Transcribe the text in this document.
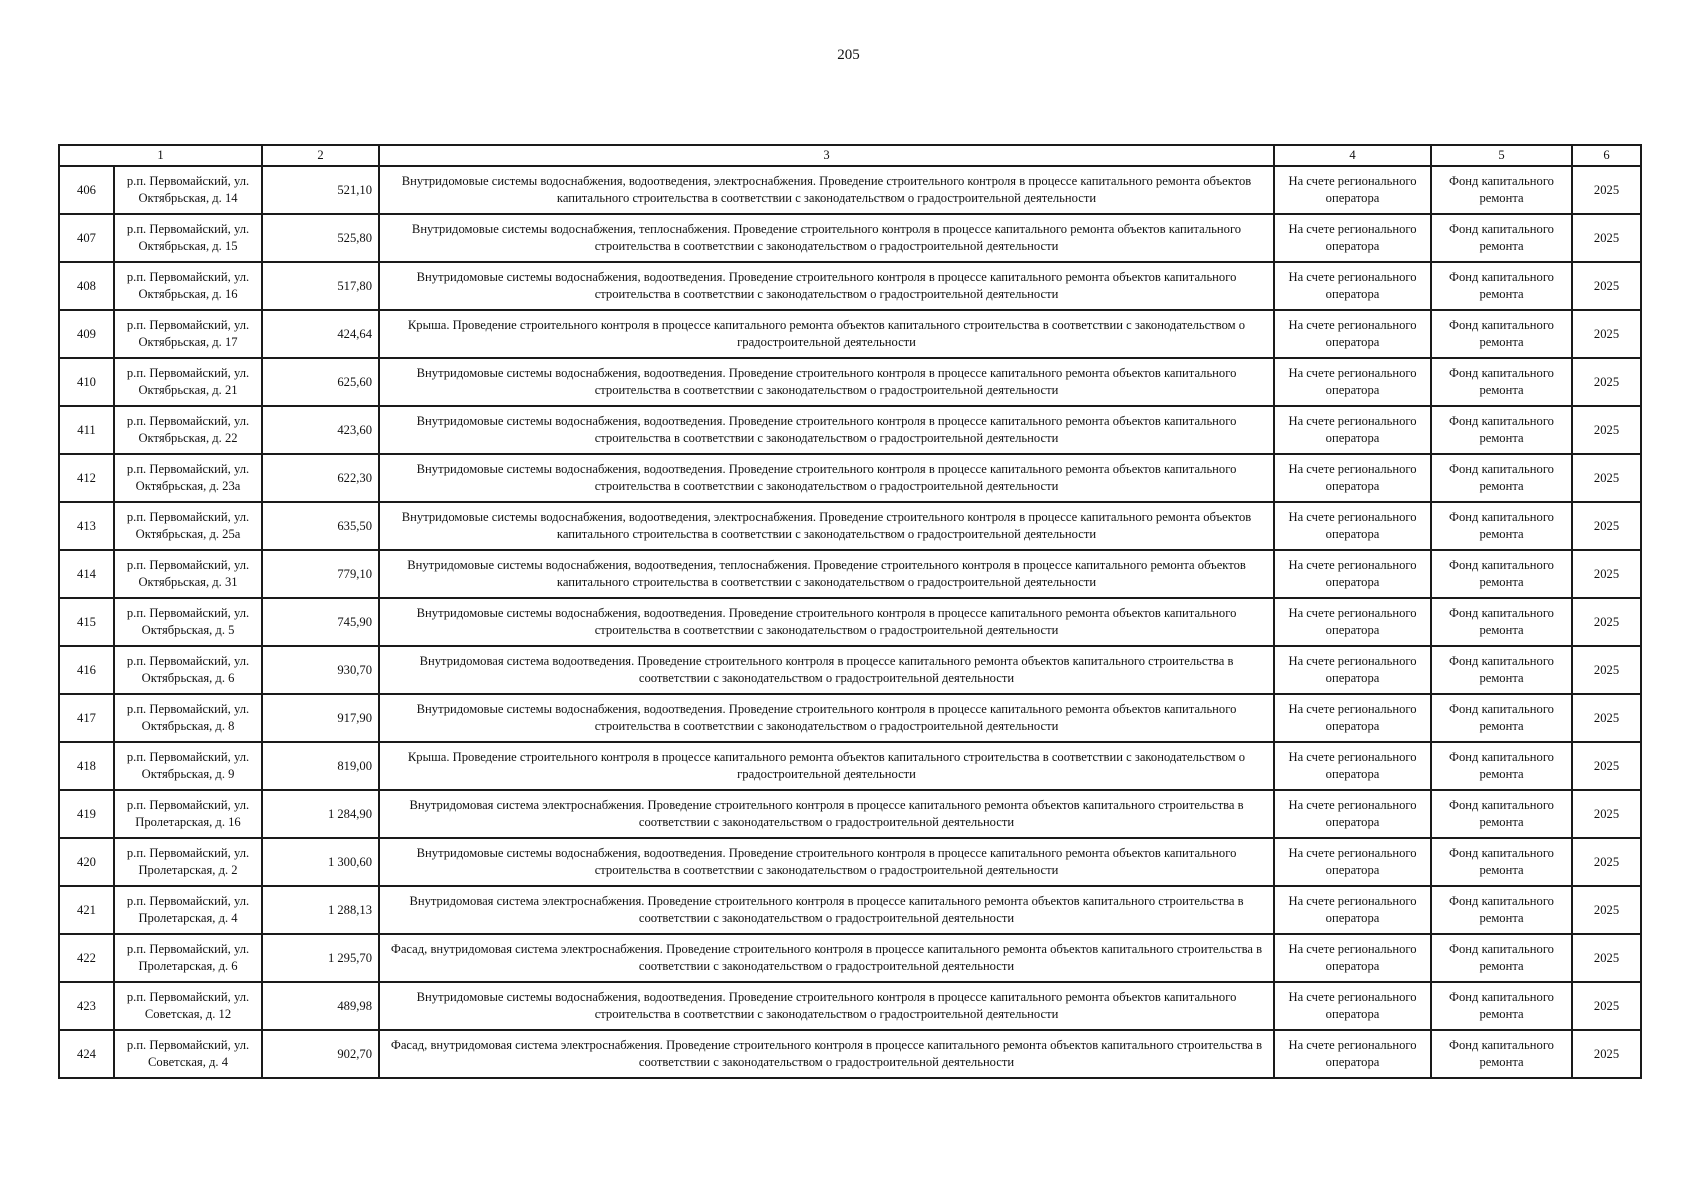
205
1		2	3	4	5	6
406	р.п. Первомайский, ул. Октябрьская, д. 14	521,10	Внутридомовые системы водоснабжения, водоотведения, электроснабжения. Проведение строительного контроля в процессе капитального ремонта объектов капитального строительства в соответствии с законодательством о градостроительной деятельности	На счете регионального оператора	Фонд капитального ремонта	2025
407	р.п. Первомайский, ул. Октябрьская, д. 15	525,80	Внутридомовые системы водоснабжения, теплоснабжения. Проведение строительного контроля в процессе капитального ремонта объектов капитального строительства в соответствии с законодательством о градостроительной деятельности	На счете регионального оператора	Фонд капитального ремонта	2025
408	р.п. Первомайский, ул. Октябрьская, д. 16	517,80	Внутридомовые системы водоснабжения, водоотведения. Проведение строительного контроля в процессе капитального ремонта объектов капитального строительства в соответствии с законодательством о градостроительной деятельности	На счете регионального оператора	Фонд капитального ремонта	2025
409	р.п. Первомайский, ул. Октябрьская, д. 17	424,64	Крыша. Проведение строительного контроля в процессе капитального ремонта объектов капитального строительства в соответствии с законодательством о градостроительной деятельности	На счете регионального оператора	Фонд капитального ремонта	2025
410	р.п. Первомайский, ул. Октябрьская, д. 21	625,60	Внутридомовые системы водоснабжения, водоотведения. Проведение строительного контроля в процессе капитального ремонта объектов капитального строительства в соответствии с законодательством о градостроительной деятельности	На счете регионального оператора	Фонд капитального ремонта	2025
411	р.п. Первомайский, ул. Октябрьская, д. 22	423,60	Внутридомовые системы водоснабжения, водоотведения. Проведение строительного контроля в процессе капитального ремонта объектов капитального строительства в соответствии с законодательством о градостроительной деятельности	На счете регионального оператора	Фонд капитального ремонта	2025
412	р.п. Первомайский, ул. Октябрьская, д. 23а	622,30	Внутридомовые системы водоснабжения, водоотведения. Проведение строительного контроля в процессе капитального ремонта объектов капитального строительства в соответствии с законодательством о градостроительной деятельности	На счете регионального оператора	Фонд капитального ремонта	2025
413	р.п. Первомайский, ул. Октябрьская, д. 25а	635,50	Внутридомовые системы водоснабжения, водоотведения, электроснабжения. Проведение строительного контроля в процессе капитального ремонта объектов капитального строительства в соответствии с законодательством о градостроительной деятельности	На счете регионального оператора	Фонд капитального ремонта	2025
414	р.п. Первомайский, ул. Октябрьская, д. 31	779,10	Внутридомовые системы водоснабжения, водоотведения, теплоснабжения. Проведение строительного контроля в процессе капитального ремонта объектов капитального строительства в соответствии с законодательством о градостроительной деятельности	На счете регионального оператора	Фонд капитального ремонта	2025
415	р.п. Первомайский, ул. Октябрьская, д. 5	745,90	Внутридомовые системы водоснабжения, водоотведения. Проведение строительного контроля в процессе капитального ремонта объектов капитального строительства в соответствии с законодательством о градостроительной деятельности	На счете регионального оператора	Фонд капитального ремонта	2025
416	р.п. Первомайский, ул. Октябрьская, д. 6	930,70	Внутридомовая система водоотведения. Проведение строительного контроля в процессе капитального ремонта объектов капитального строительства в соответствии с законодательством о градостроительной деятельности	На счете регионального оператора	Фонд капитального ремонта	2025
417	р.п. Первомайский, ул. Октябрьская, д. 8	917,90	Внутридомовые системы водоснабжения, водоотведения. Проведение строительного контроля в процессе капитального ремонта объектов капитального строительства в соответствии с законодательством о градостроительной деятельности	На счете регионального оператора	Фонд капитального ремонта	2025
418	р.п. Первомайский, ул. Октябрьская, д. 9	819,00	Крыша. Проведение строительного контроля в процессе капитального ремонта объектов капитального строительства в соответствии с законодательством о градостроительной деятельности	На счете регионального оператора	Фонд капитального ремонта	2025
419	р.п. Первомайский, ул. Пролетарская, д. 16	1 284,90	Внутридомовая система электроснабжения. Проведение строительного контроля в процессе капитального ремонта объектов капитального строительства в соответствии с законодательством о градостроительной деятельности	На счете регионального оператора	Фонд капитального ремонта	2025
420	р.п. Первомайский, ул. Пролетарская, д. 2	1 300,60	Внутридомовые системы водоснабжения, водоотведения. Проведение строительного контроля в процессе капитального ремонта объектов капитального строительства в соответствии с законодательством о градостроительной деятельности	На счете регионального оператора	Фонд капитального ремонта	2025
421	р.п. Первомайский, ул. Пролетарская, д. 4	1 288,13	Внутридомовая система электроснабжения. Проведение строительного контроля в процессе капитального ремонта объектов капитального строительства в соответствии с законодательством о градостроительной деятельности	На счете регионального оператора	Фонд капитального ремонта	2025
422	р.п. Первомайский, ул. Пролетарская, д. 6	1 295,70	Фасад, внутридомовая система электроснабжения. Проведение строительного контроля в процессе капитального ремонта объектов капитального строительства в соответствии с законодательством о градостроительной деятельности	На счете регионального оператора	Фонд капитального ремонта	2025
423	р.п. Первомайский, ул. Советская, д. 12	489,98	Внутридомовые системы водоснабжения, водоотведения. Проведение строительного контроля в процессе капитального ремонта объектов капитального строительства в соответствии с законодательством о градостроительной деятельности	На счете регионального оператора	Фонд капитального ремонта	2025
424	р.п. Первомайский, ул. Советская, д. 4	902,70	Фасад, внутридомовая система электроснабжения. Проведение строительного контроля в процессе капитального ремонта объектов капитального строительства в соответствии с законодательством о градостроительной деятельности	На счете регионального оператора	Фонд капитального ремонта	2025
